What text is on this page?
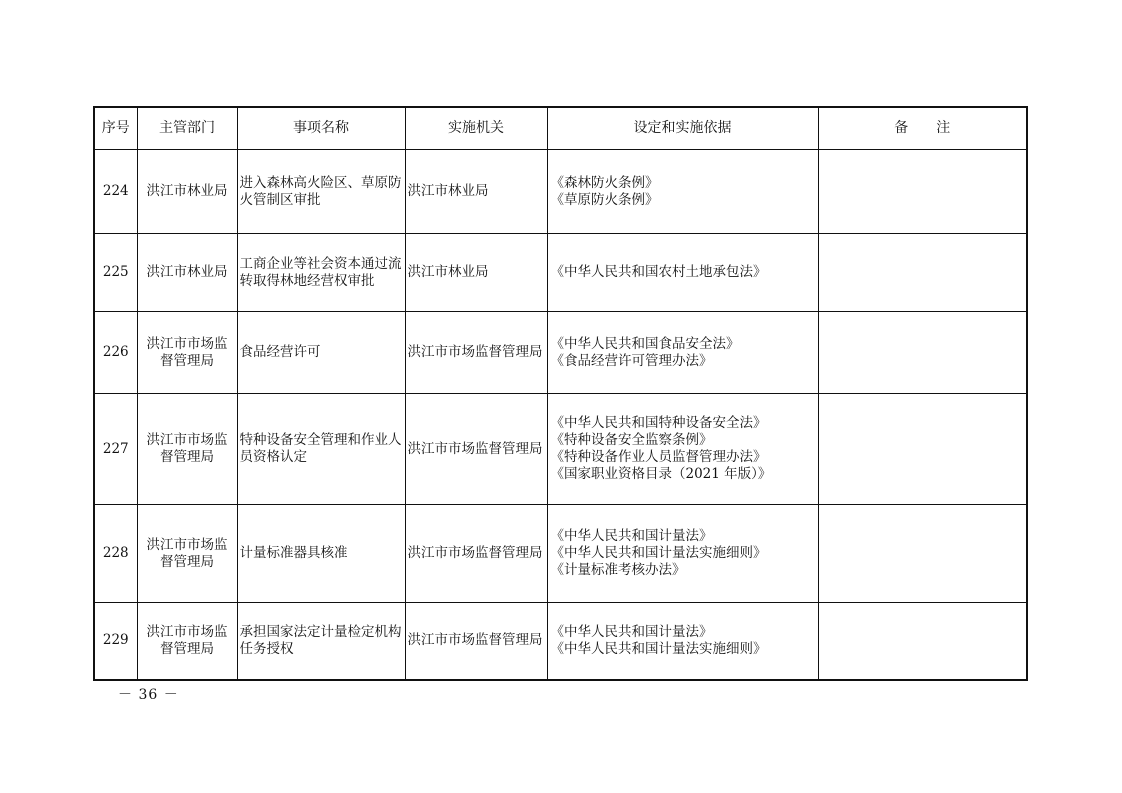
序号	主管部门	事项名称	实施机关	设定和实施依据	备　　注
224	洪江市林业局	进入森林高火险区、草原防火管制区审批	洪江市林业局	《森林防火条例》
《草原防火条例》	

225	洪江市林业局	工商企业等社会资本通过流转取得林地经营权审批	洪江市林业局	《中华人民共和国农村土地承包法》	

226	洪江市市场监督管理局	食品经营许可	洪江市市场监督管理局	《中华人民共和国食品安全法》
《食品经营许可管理办法》	

227	洪江市市场监督管理局	特种设备安全管理和作业人员资格认定	洪江市市场监督管理局	《中华人民共和国特种设备安全法》
《特种设备安全监察条例》
《特种设备作业人员监督管理办法》
《国家职业资格目录（2021 年版）》	

228	洪江市市场监督管理局	计量标准器具核准	洪江市市场监督管理局	《中华人民共和国计量法》
《中华人民共和国计量法实施细则》
《计量标准考核办法》	

229	洪江市市场监督管理局	承担国家法定计量检定机构任务授权	洪江市市场监督管理局	《中华人民共和国计量法》
《中华人民共和国计量法实施细则》	

－ 36 －
